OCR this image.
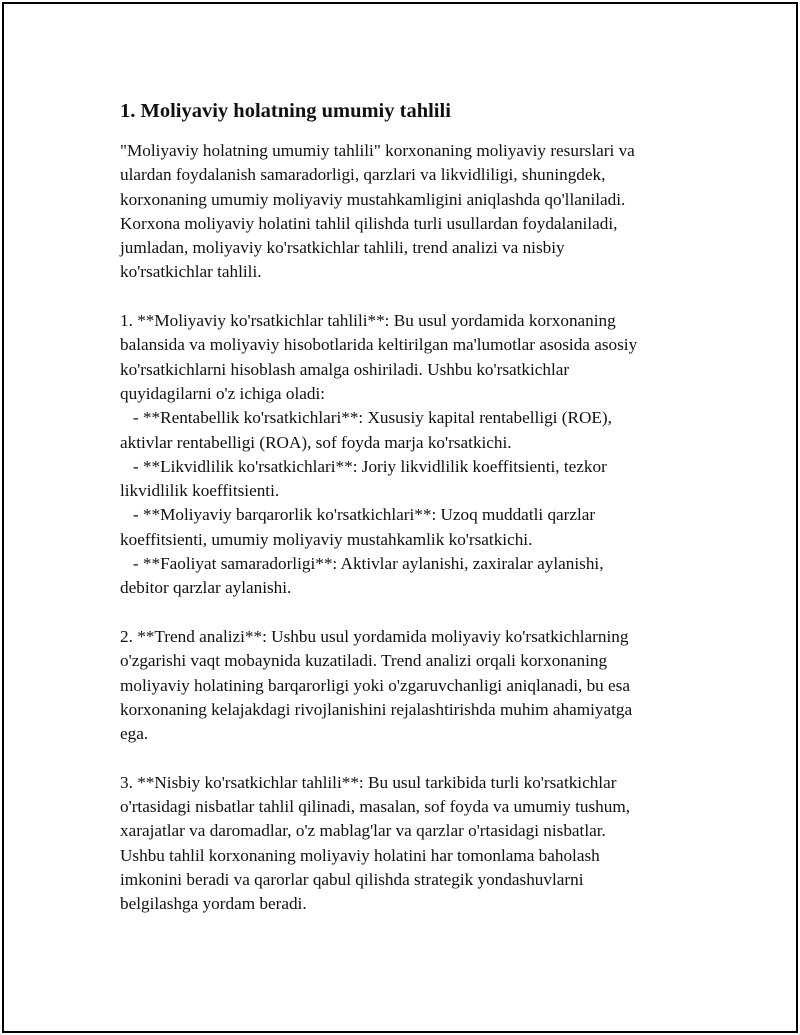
1. Moliyaviy holatning umumiy tahlili
"Moliyaviy holatning umumiy tahlili" korxonaning moliyaviy resurslari va
ulardan foydalanish samaradorligi, qarzlari va likvidliligi, shuningdek,
korxonaning umumiy moliyaviy mustahkamligini aniqlashda qo'llaniladi.
Korxona moliyaviy holatini tahlil qilishda turli usullardan foydalaniladi,
jumladan, moliyaviy ko'rsatkichlar tahlili, trend analizi va nisbiy
ko'rsatkichlar tahlili.
1. **Moliyaviy ko'rsatkichlar tahlili**: Bu usul yordamida korxonaning
balansida va moliyaviy hisobotlarida keltirilgan ma'lumotlar asosida asosiy
ko'rsatkichlarni hisoblash amalga oshiriladi. Ushbu ko'rsatkichlar
quyidagilarni o'z ichiga oladi:
- **Rentabellik ko'rsatkichlari**: Xususiy kapital rentabelligi (ROE),
aktivlar rentabelligi (ROA), sof foyda marja ko'rsatkichi.
- **Likvidlilik ko'rsatkichlari**: Joriy likvidlilik koeffitsienti, tezkor
likvidlilik koeffitsienti.
- **Moliyaviy barqarorlik ko'rsatkichlari**: Uzoq muddatli qarzlar
koeffitsienti, umumiy moliyaviy mustahkamlik ko'rsatkichi.
- **Faoliyat samaradorligi**: Aktivlar aylanishi, zaxiralar aylanishi,
debitor qarzlar aylanishi.
2. **Trend analizi**: Ushbu usul yordamida moliyaviy ko'rsatkichlarning
o'zgarishi vaqt mobaynida kuzatiladi. Trend analizi orqali korxonaning
moliyaviy holatining barqarorligi yoki o'zgaruvchanligi aniqlanadi, bu esa
korxonaning kelajakdagi rivojlanishini rejalashtirishda muhim ahamiyatga
ega.
3. **Nisbiy ko'rsatkichlar tahlili**: Bu usul tarkibida turli ko'rsatkichlar
o'rtasidagi nisbatlar tahlil qilinadi, masalan, sof foyda va umumiy tushum,
xarajatlar va daromadlar, o'z mablag'lar va qarzlar o'rtasidagi nisbatlar.
Ushbu tahlil korxonaning moliyaviy holatini har tomonlama baholash
imkonini beradi va qarorlar qabul qilishda strategik yondashuvlarni
belgilashga yordam beradi.
